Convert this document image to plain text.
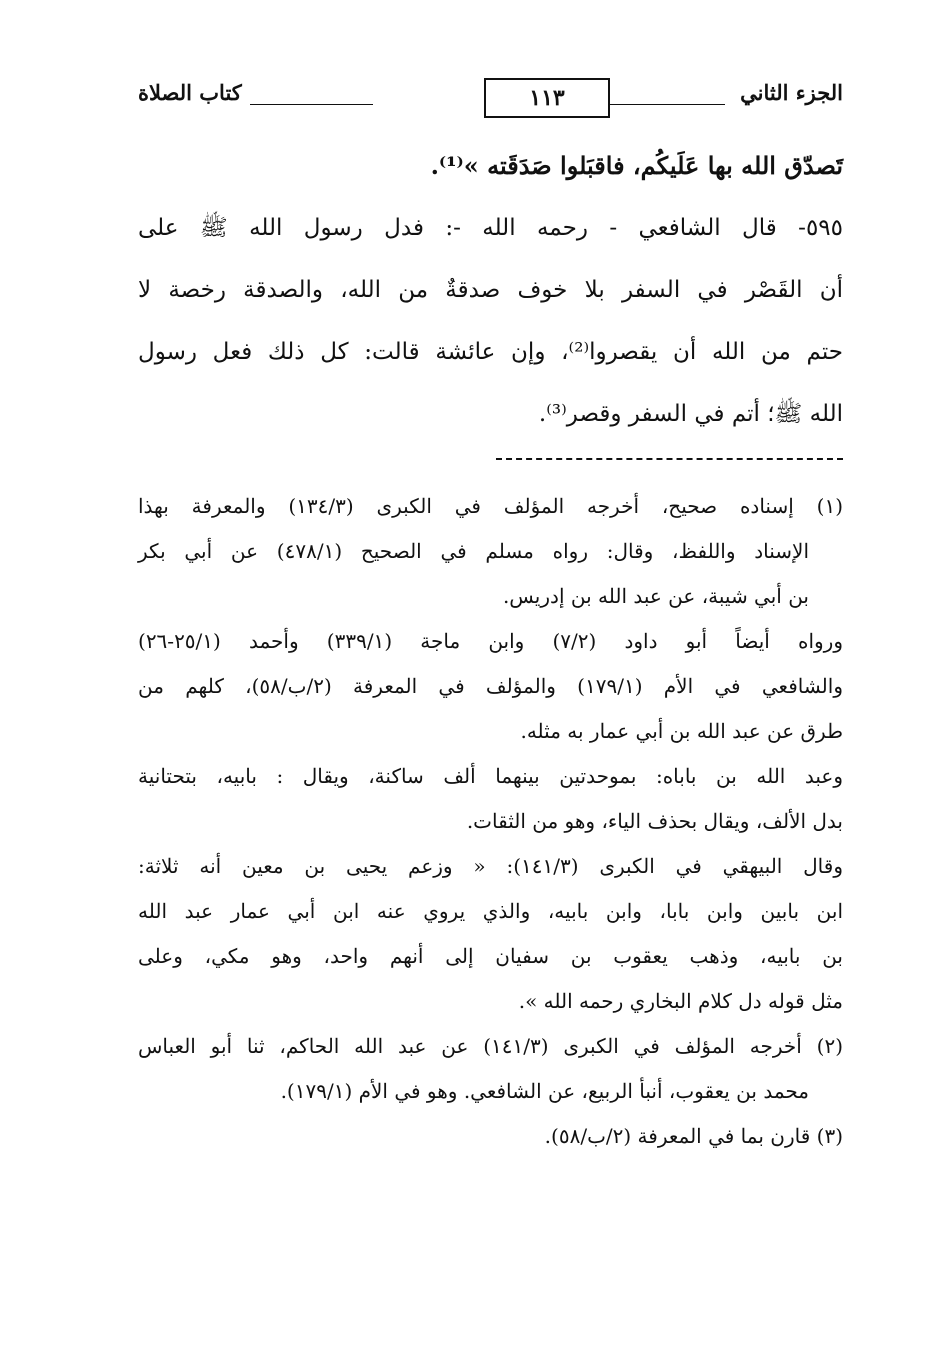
الجزء الثاني
١١٣
كتاب الصلاة
تَصدّق الله بها عَلَيكُم، فاقبَلوا صَدَقَته »⁽¹⁾.
٥٩٥- قال الشافعي - رحمه الله -: فدل رسول الله ﷺ على
أن القَصْر في السفر بلا خوف صدقةٌ من الله، والصدقة رخصة لا
حتم من الله أن يقصروا⁽²⁾، وإن عائشة قالت: كل ذلك فعل رسول
الله ﷺ؛ أتم في السفر وقصر⁽³⁾.
(١) إسناده صحيح، أخرجه المؤلف في الكبرى (١٣٤/٣) والمعرفة بهذا
الإسناد واللفظ، وقال: رواه مسلم في الصحيح (٤٧٨/١) عن أبي بكر
بن أبي شيبة، عن عبد الله بن إدريس.
ورواه أيضاً أبو داود (٧/٢) وابن ماجة (٣٣٩/١) وأحمد (٢٥/١-٢٦)
والشافعي في الأم (١٧٩/١) والمؤلف في المعرفة (٢/ب/٥٨)، كلهم من
طرق عن عبد الله بن أبي عمار به مثله.
وعبد الله بن باباه: بموحدتين بينهما ألف ساكنة، ويقال : بابيه، بتحتانية
بدل الألف، ويقال بحذف الياء، وهو من الثقات.
وقال البيهقي في الكبرى (١٤١/٣): « وزعم يحيى بن معين أنه ثلاثة:
ابن بابين وابن بابا، وابن بابيه، والذي يروي عنه ابن أبي عمار عبد الله
بن بابيه، وذهب يعقوب بن سفيان إلى أنهم واحد، وهو مكي، وعلى
مثل قوله دل كلام البخاري رحمه الله ».
(٢) أخرجه المؤلف في الكبرى (١٤١/٣) عن عبد الله الحاكم، ثنا أبو العباس
محمد بن يعقوب، أنبأ الربيع، عن الشافعي. وهو في الأم (١٧٩/١).
(٣) قارن بما في المعرفة (٢/ب/٥٨).
